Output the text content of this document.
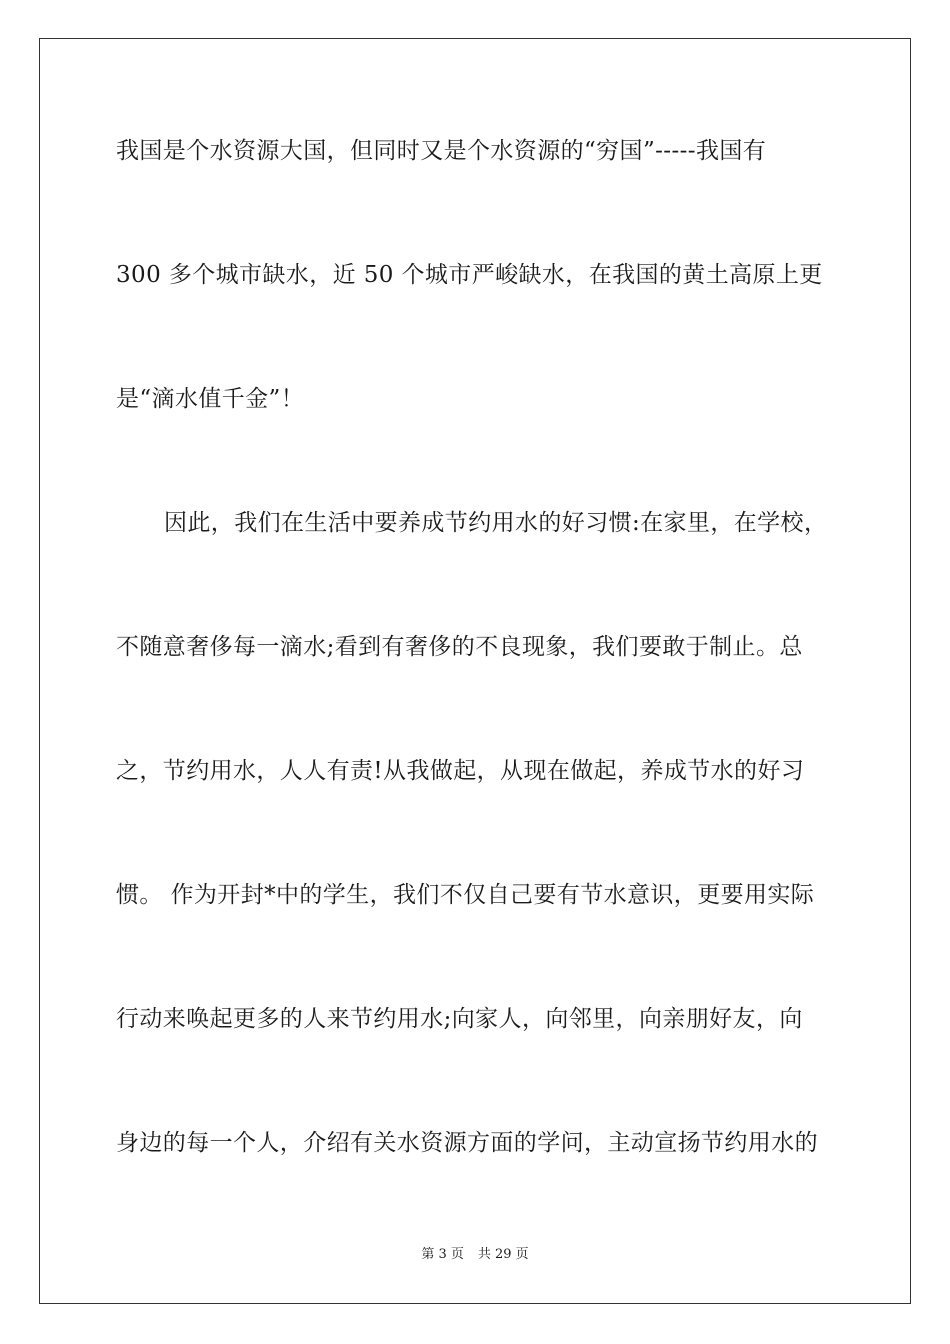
我国是个水资源大国，但同时又是个水资源的“穷国”-----我国有
300 多个城市缺水，近 50 个城市严峻缺水，在我国的黄土高原上更
是“滴水值千金”！
因此，我们在生活中要养成节约用水的好习惯:在家里，在学校，
不随意奢侈每一滴水;看到有奢侈的不良现象，我们要敢于制止。总
之，节约用水，人人有责!从我做起，从现在做起，养成节水的好习
惯。 作为开封*中的学生，我们不仅自己要有节水意识，更要用实际
行动来唤起更多的人来节约用水;向家人，向邻里，向亲朋好友，向
身边的每一个人，介绍有关水资源方面的学问，主动宣扬节约用水的
第 3 页 共 29 页
